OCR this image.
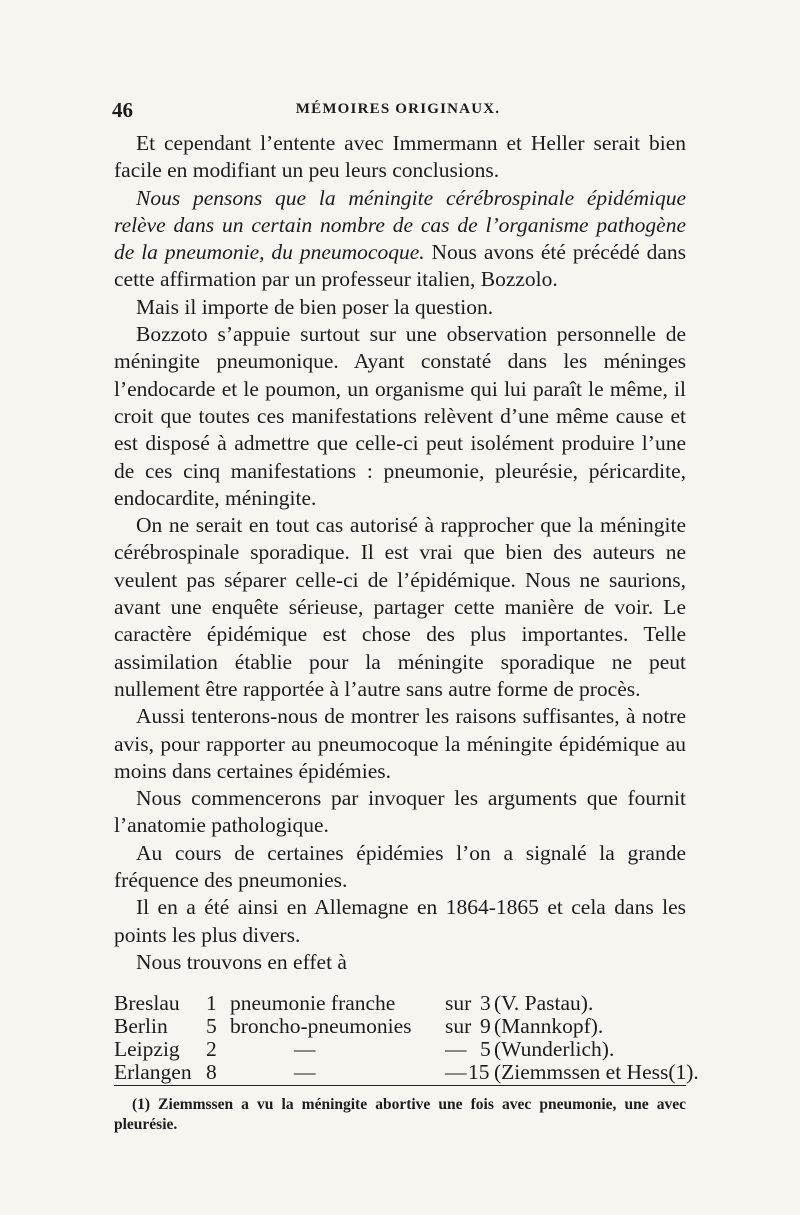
46	MÉMOIRES ORIGINAUX.

Et cependant l’entente avec Immermann et Heller serait bien facile en modifiant un peu leurs conclusions.

Nous pensons que la méningite cérébrospinale épidémique relève dans un certain nombre de cas de l’organisme pathogène de la pneumonie, du pneumocoque. Nous avons été précédé dans cette affirmation par un professeur italien, Bozzolo.

Mais il importe de bien poser la question.

Bozzoto s’appuie surtout sur une observation personnelle de méningite pneumonique. Ayant constaté dans les méninges l’endocarde et le poumon, un organisme qui lui paraît le même, il croit que toutes ces manifestations relèvent d’une même cause et est disposé à admettre que celle-ci peut isolément produire l’une de ces cinq manifestations : pneumonie, pleurésie, péricardite, endocardite, méningite.

On ne serait en tout cas autorisé à rapprocher que la méningite cérébrospinale sporadique. Il est vrai que bien des auteurs ne veulent pas séparer celle-ci de l’épidémique. Nous ne saurions, avant une enquête sérieuse, partager cette manière de voir. Le caractère épidémique est chose des plus importantes. Telle assimilation établie pour la méningite sporadique ne peut nullement être rapportée à l’autre sans autre forme de procès.

Aussi tenterons-nous de montrer les raisons suffisantes, à notre avis, pour rapporter au pneumocoque la méningite épidémique au moins dans certaines épidémies.

Nous commencerons par invoquer les arguments que fournit l’anatomie pathologique.

Au cours de certaines épidémies l’on a signalé la grande fréquence des pneumonies.

Il en a été ainsi en Allemagne en 1864-1865 et cela dans les points les plus divers.

Nous trouvons en effet à

Breslau 1 pneumonie franche sur 3 (V. Pastau).
Berlin 5 broncho-pneumonies sur 9 (Mannkopf).
Leipzig 2	—	— 5 (Wunderlich).
Erlangen 8	—	— 15 (Ziemmssen et Hess(1).

(1) Ziemmssen a vu la méningite abortive une fois avec pneumonie, une avec pleurésie.
